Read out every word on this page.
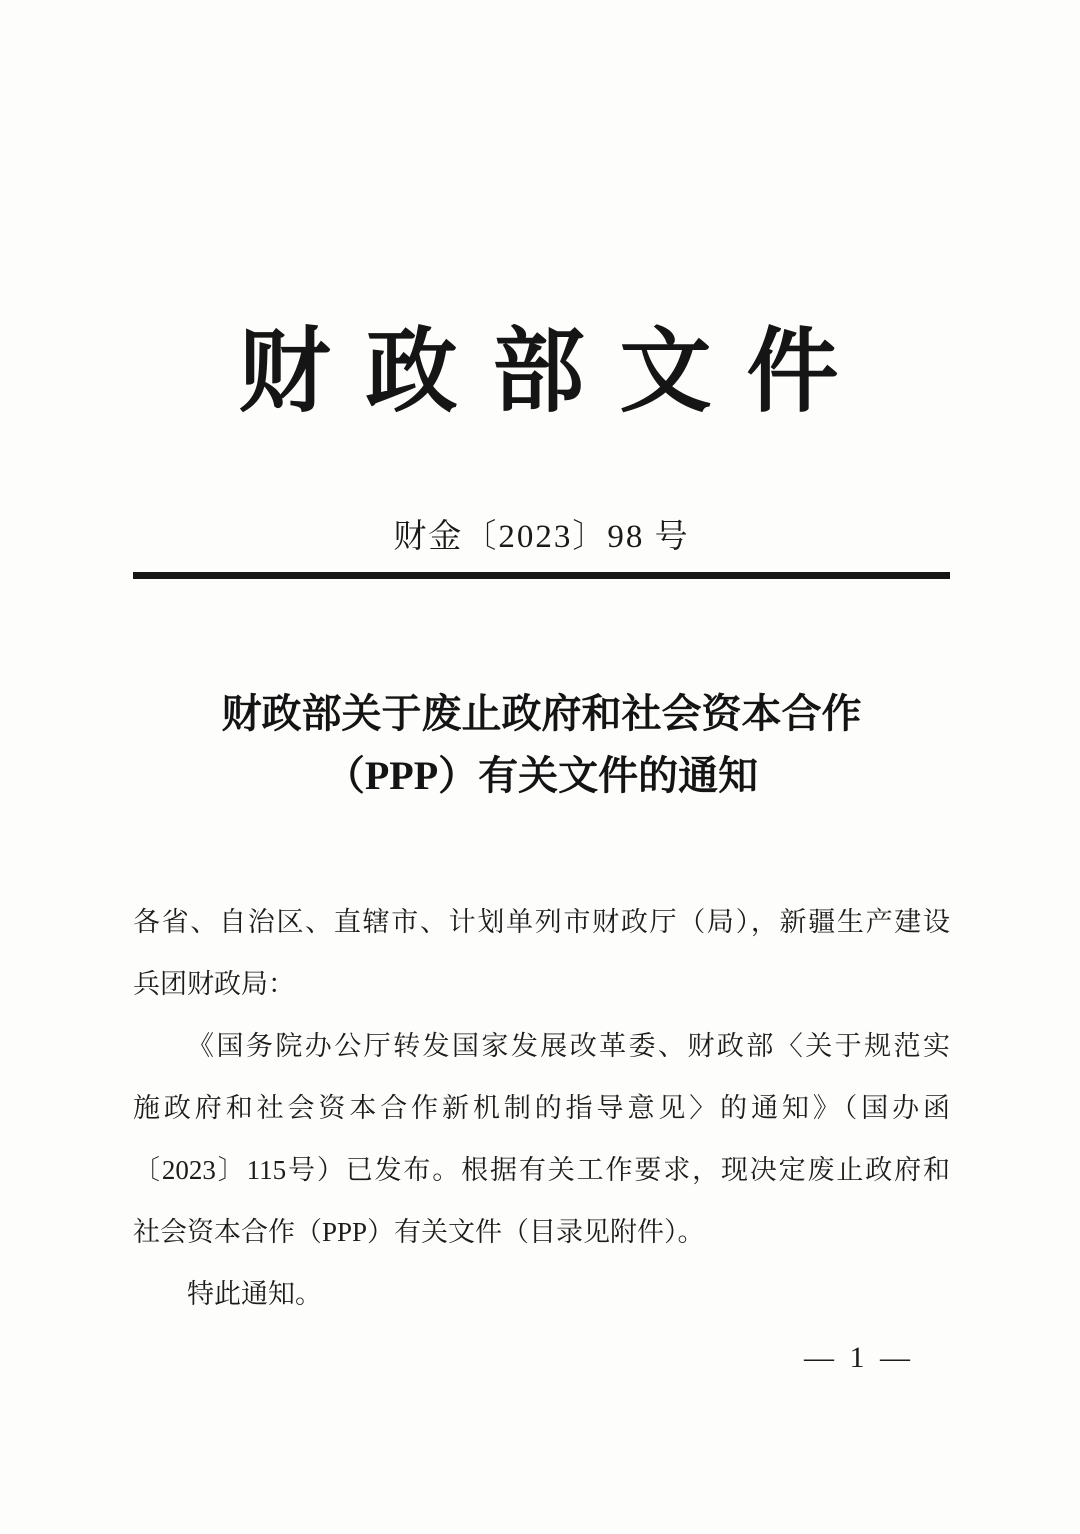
财 政 部 文 件
财金〔2023〕98 号
财政部关于废止政府和社会资本合作
（PPP）有关文件的通知
各省、自治区、直辖市、计划单列市财政厅（局），新疆生产建设
兵团财政局：
《国务院办公厅转发国家发展改革委、财政部〈关于规范实
施政府和社会资本合作新机制的指导意见〉的通知》（国办函
〔2023〕115号）已发布。根据有关工作要求，现决定废止政府和
社会资本合作（PPP）有关文件（目录见附件）。
特此通知。
— 1 —
